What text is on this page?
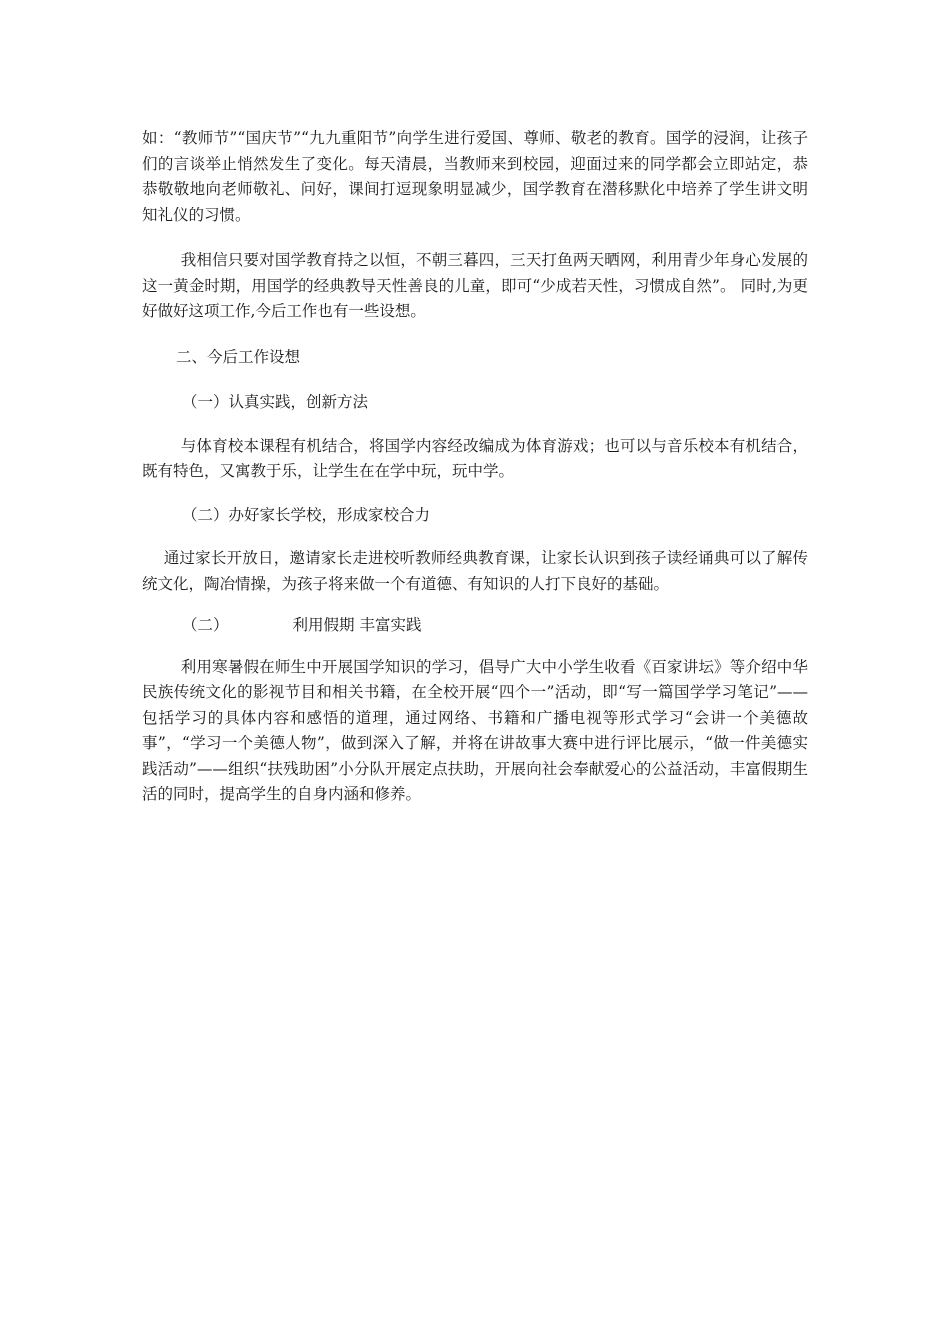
如：“教师节”“国庆节”“九九重阳节”向学生进行爱国、尊师、敬老的教育。国学的浸润，让孩子们的言谈举止悄然发生了变化。每天清晨，当教师来到校园，迎面过来的同学都会立即站定，恭恭敬敬地向老师敬礼、问好，课间打逗现象明显减少，国学教育在潜移默化中培养了学生讲文明知礼仪的习惯。

我相信只要对国学教育持之以恒，不朝三暮四，三天打鱼两天晒网，利用青少年身心发展的这一黄金时期，用国学的经典教导天性善良的儿童，即可“少成若天性，习惯成自然”。 同时,为更好做好这项工作,今后工作也有一些设想。

二、今后工作设想

（一）认真实践，创新方法

与体育校本课程有机结合，将国学内容经改编成为体育游戏；也可以与音乐校本有机结合，既有特色，又寓教于乐，让学生在在学中玩，玩中学。

（二）办好家长学校，形成家校合力

通过家长开放日，邀请家长走进校听教师经典教育课，让家长认识到孩子读经诵典可以了解传统文化，陶冶情操，为孩子将来做一个有道德、有知识的人打下良好的基础。

（二）	利用假期 丰富实践

利用寒暑假在师生中开展国学知识的学习，倡导广大中小学生收看《百家讲坛》等介绍中华民族传统文化的影视节目和相关书籍，在全校开展“四个一”活动，即“写一篇国学学习笔记”——包括学习的具体内容和感悟的道理，通过网络、书籍和广播电视等形式学习“会讲一个美德故事”，“学习一个美德人物”，做到深入了解，并将在讲故事大赛中进行评比展示，“做一件美德实践活动”——组织“扶残助困”小分队开展定点扶助，开展向社会奉献爱心的公益活动，丰富假期生活的同时，提高学生的自身内涵和修养。
